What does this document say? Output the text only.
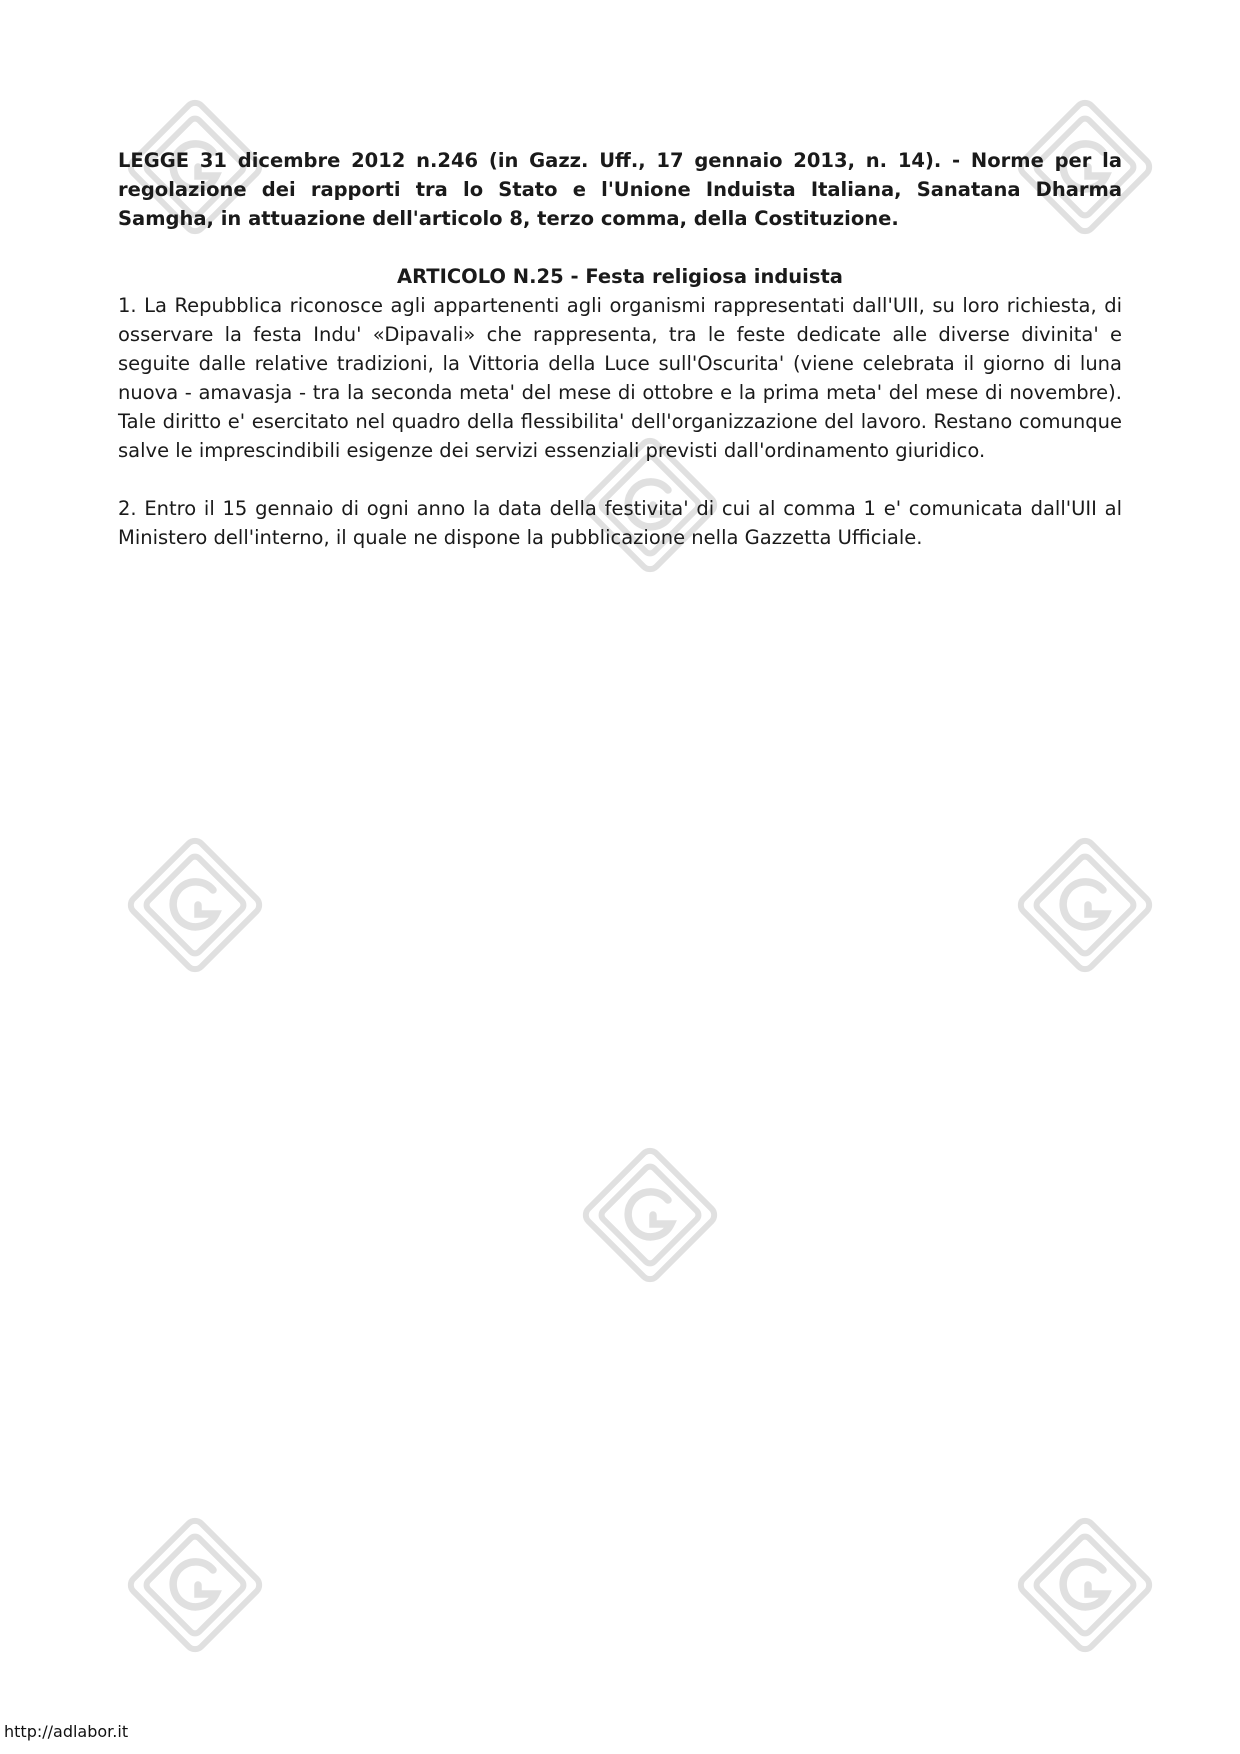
LEGGE 31 dicembre 2012 n.246 (in Gazz. Uff., 17 gennaio 2013, n. 14). - Norme per la regolazione dei rapporti tra lo Stato e l'Unione Induista Italiana, Sanatana Dharma Samgha, in attuazione dell'articolo 8, terzo comma, della Costituzione.

ARTICOLO N.25 - Festa religiosa induista

1. La Repubblica riconosce agli appartenenti agli organismi rappresentati dall'UII, su loro richiesta, di osservare la festa Indu' «Dipavali» che rappresenta, tra le feste dedicate alle diverse divinita' e seguite dalle relative tradizioni, la Vittoria della Luce sull'Oscurita' (viene celebrata il giorno di luna nuova - amavasja - tra la seconda meta' del mese di ottobre e la prima meta' del mese di novembre). Tale diritto e' esercitato nel quadro della flessibilita' dell'organizzazione del lavoro. Restano comunque salve le imprescindibili esigenze dei servizi essenziali previsti dall'ordinamento giuridico.

2. Entro il 15 gennaio di ogni anno la data della festivita' di cui al comma 1 e' comunicata dall'UII al Ministero dell'interno, il quale ne dispone la pubblicazione nella Gazzetta Ufficiale.

http://adlabor.it
